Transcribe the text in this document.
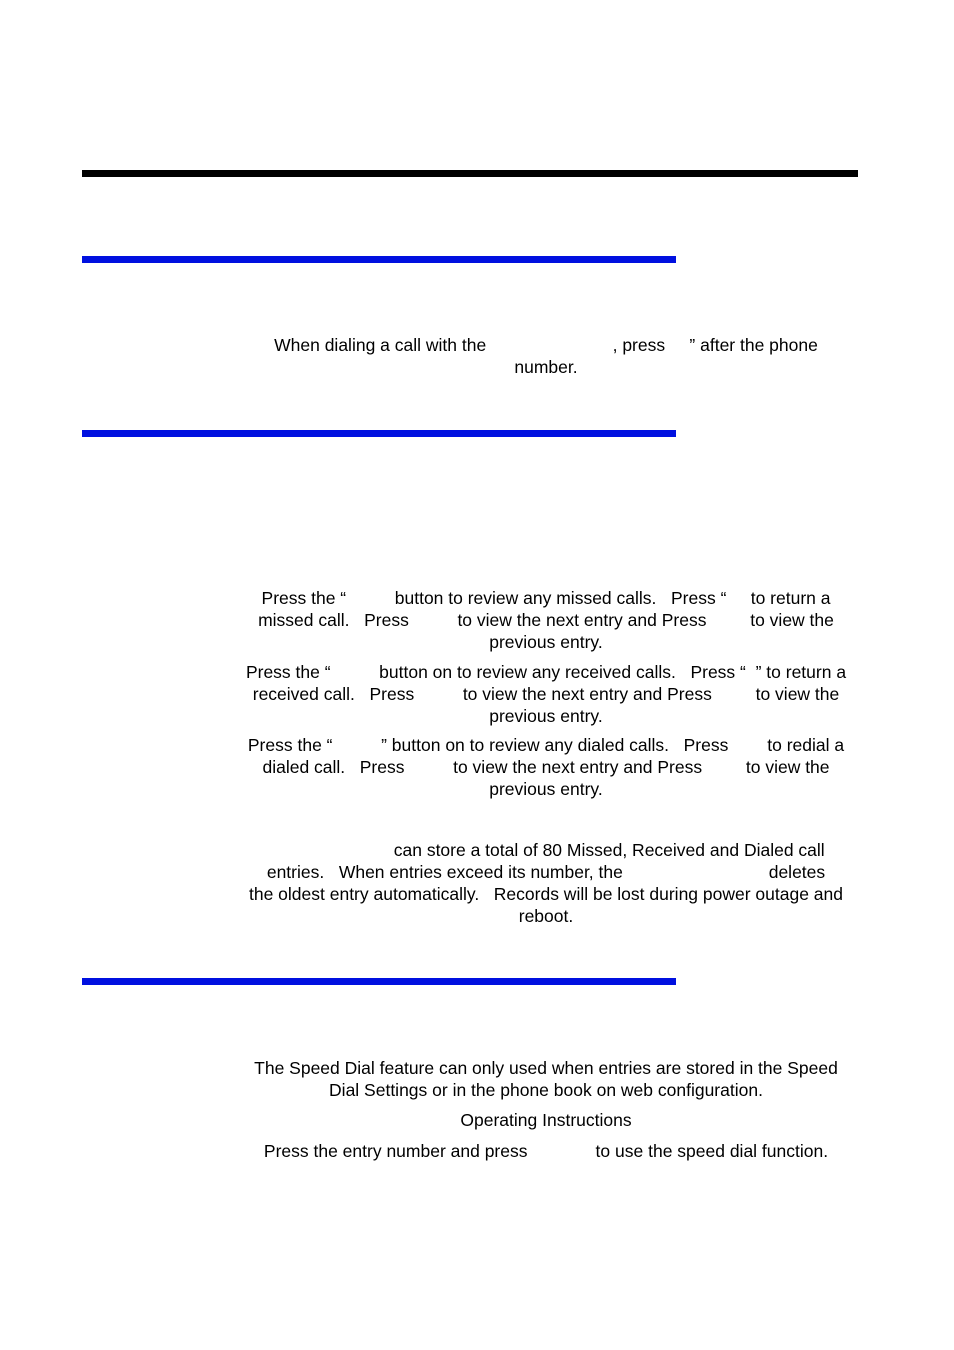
When dialing a call with the                          , press     ” after the phone
number.

Press the “          button to review any missed calls.   Press “     to return a
missed call.   Press          to view the next entry and Press         to view the
previous entry.

Press the “          button on to review any received calls.   Press “  ” to return a
received call.   Press          to view the next entry and Press         to view the
previous entry.

Press the “          ” button on to review any dialed calls.   Press        to redial a
dialed call.   Press          to view the next entry and Press         to view the
previous entry.

can store a total of 80 Missed, Received and Dialed call
entries.   When entries exceed its number, the                              deletes
the oldest entry automatically.   Records will be lost during power outage and
reboot.

The Speed Dial feature can only used when entries are stored in the Speed
Dial Settings or in the phone book on web configuration.

Operating Instructions

Press the entry number and press              to use the speed dial function.
